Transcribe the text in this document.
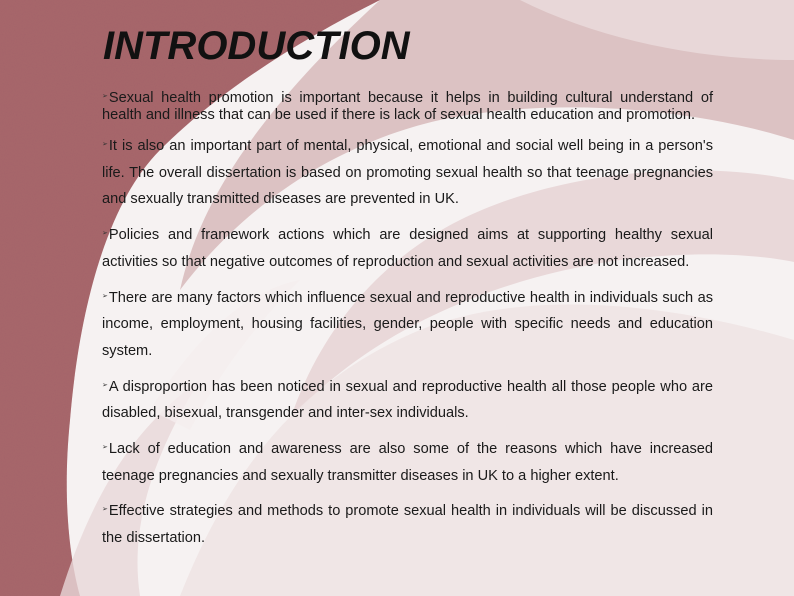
INTRODUCTION

➢Sexual health promotion is important because it helps in building cultural understand of health and illness that can be used if there is lack of sexual health education and promotion.

➢It is also an important part of mental, physical, emotional and social well being in a person's life. The overall dissertation is based on promoting sexual health so that teenage pregnancies and sexually transmitted diseases are prevented in UK.

➢Policies and framework actions which are designed aims at supporting healthy sexual activities so that negative outcomes of reproduction and sexual activities are not increased.

➢There are many factors which influence sexual and reproductive health in individuals such as income, employment, housing facilities, gender, people with specific needs and education system.

➢A disproportion has been noticed in sexual and reproductive health all those people who are disabled, bisexual, transgender and inter-sex individuals.

➢Lack of education and awareness are also some of the reasons which have increased teenage pregnancies and sexually transmitter diseases in UK to a higher extent.

➢Effective strategies and methods to promote sexual health in individuals will be discussed in the dissertation.
